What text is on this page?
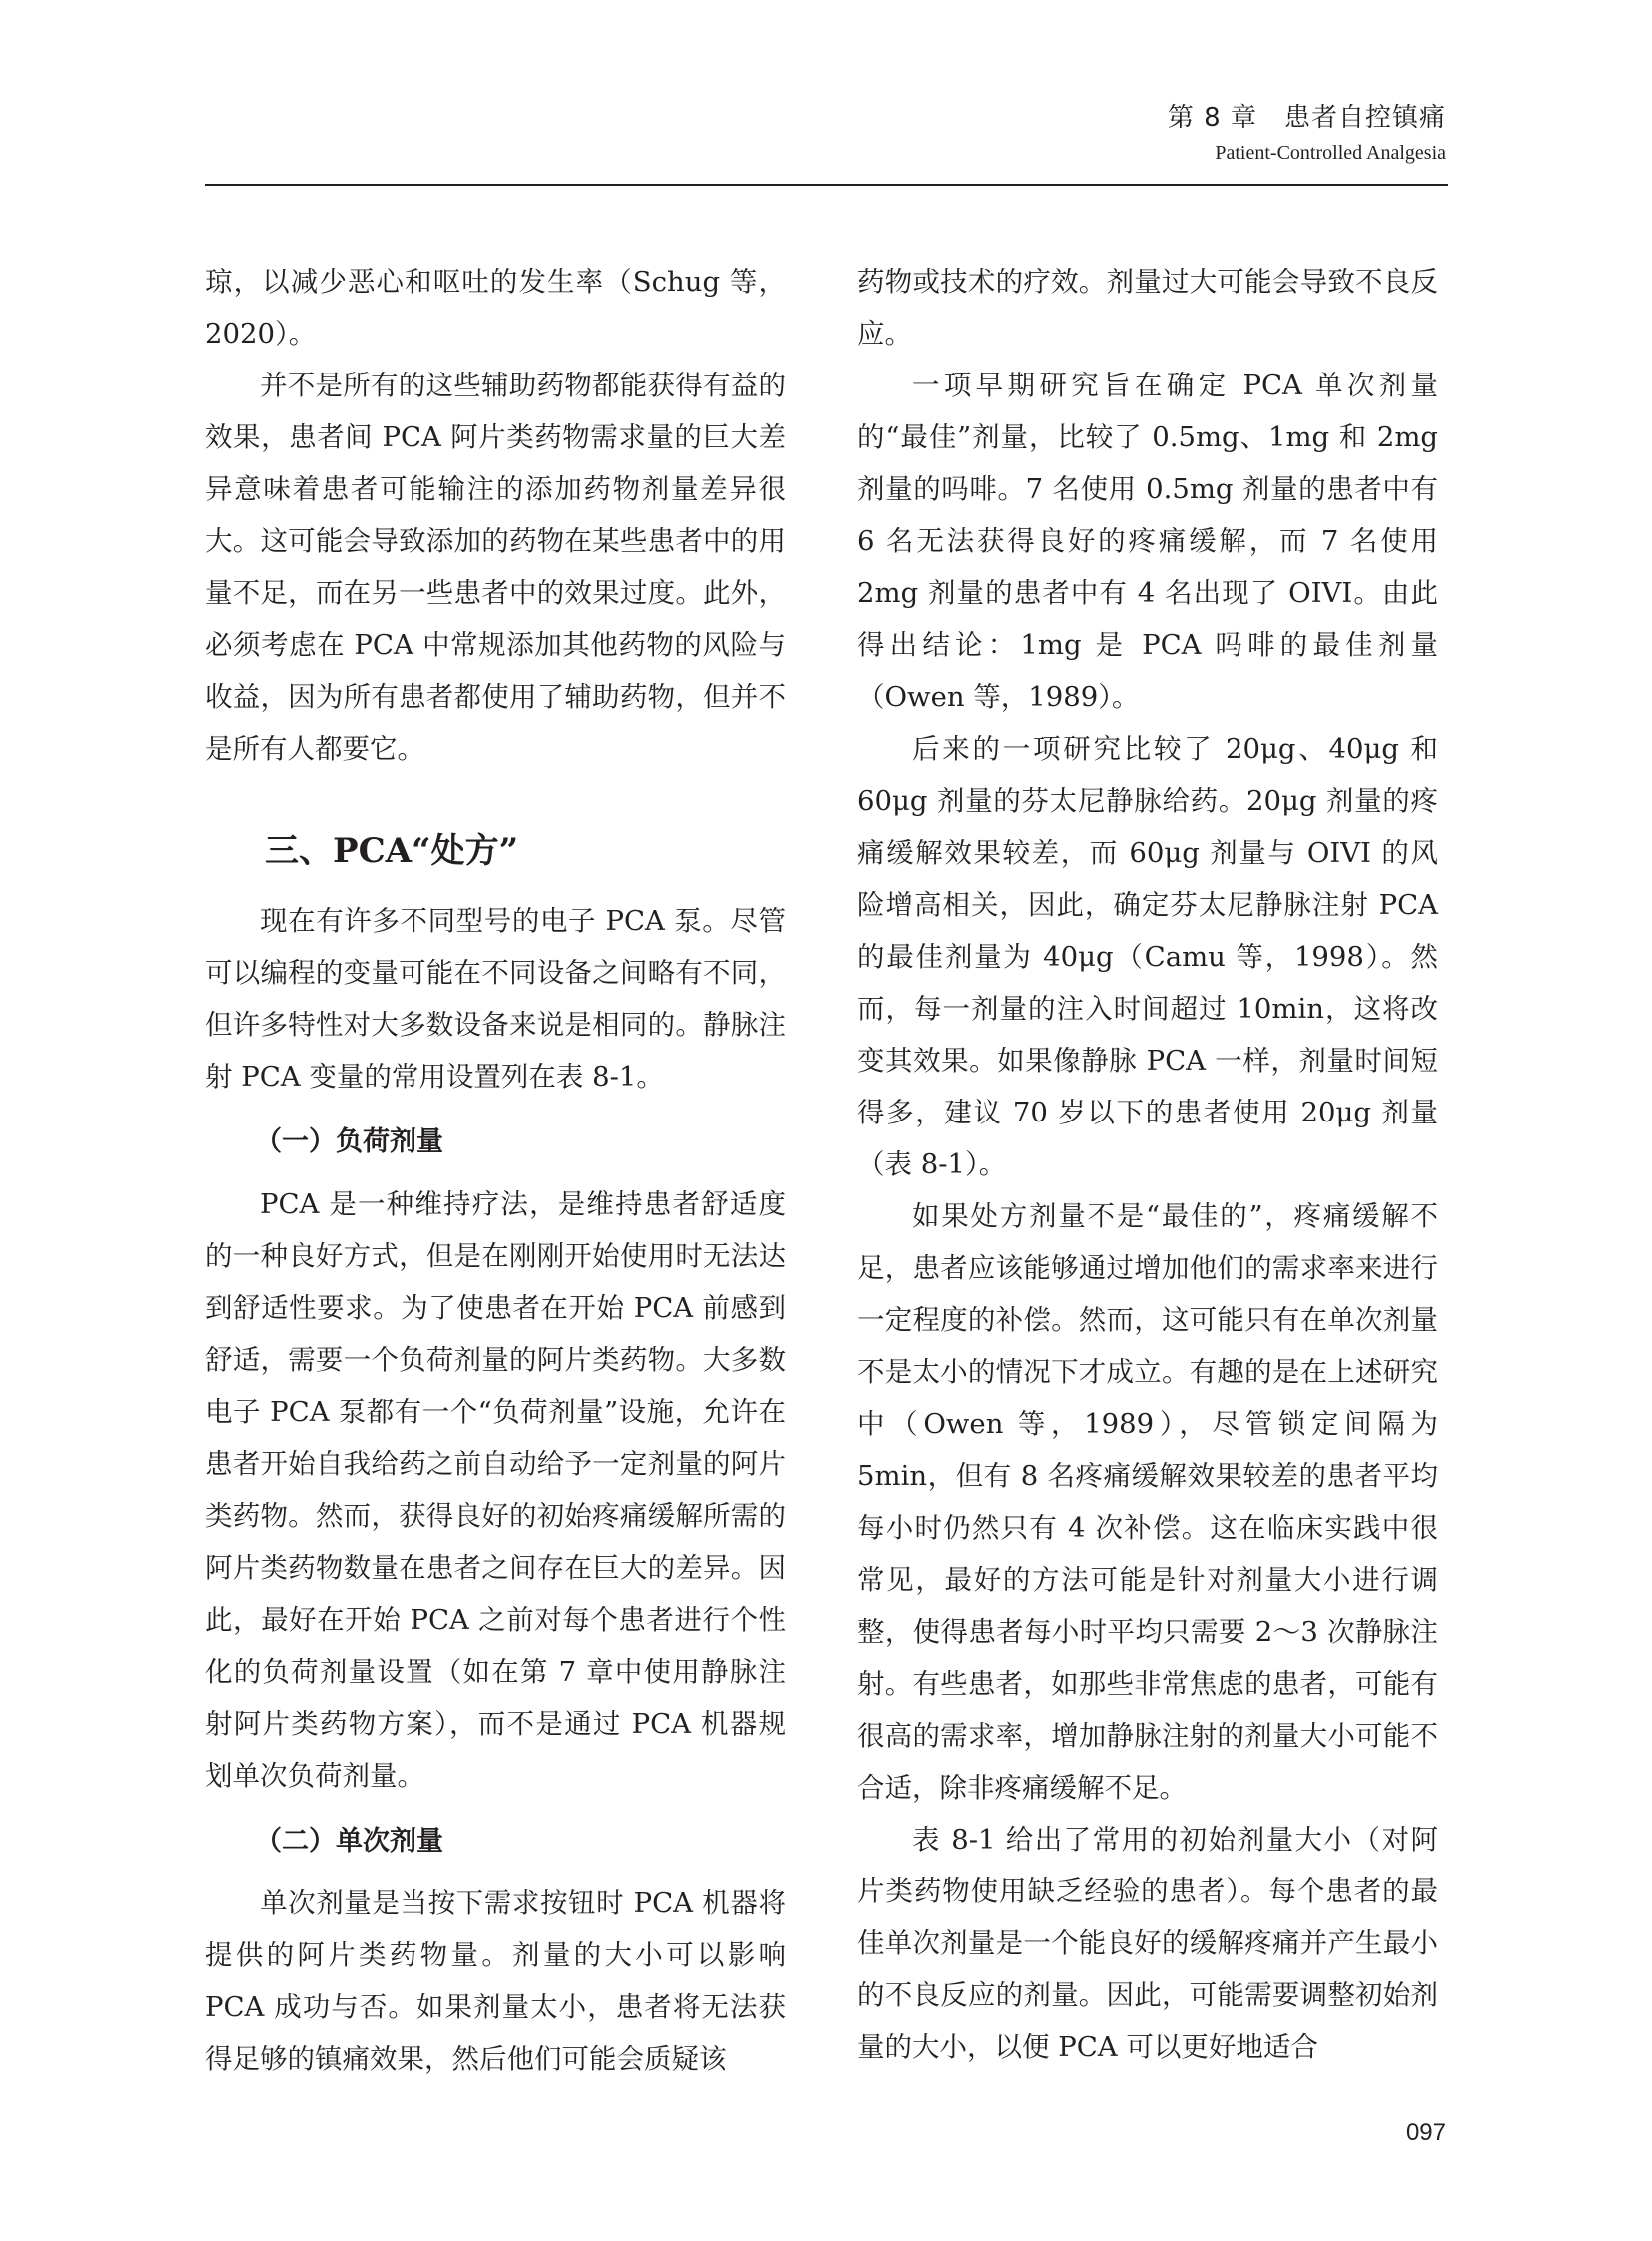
第 8 章　患者自控镇痛
Patient-Controlled Analgesia

琼，以减少恶心和呕吐的发生率（Schug 等，2020）。

并不是所有的这些辅助药物都能获得有益的效果，患者间 PCA 阿片类药物需求量的巨大差异意味着患者可能输注的添加药物剂量差异很大。这可能会导致添加的药物在某些患者中的用量不足，而在另一些患者中的效果过度。此外，必须考虑在 PCA 中常规添加其他药物的风险与收益，因为所有患者都使用了辅助药物，但并不是所有人都要它。

三、PCA“处方”

现在有许多不同型号的电子 PCA 泵。尽管可以编程的变量可能在不同设备之间略有不同，但许多特性对大多数设备来说是相同的。静脉注射 PCA 变量的常用设置列在表 8-1。

（一）负荷剂量

PCA 是一种维持疗法，是维持患者舒适度的一种良好方式，但是在刚刚开始使用时无法达到舒适性要求。为了使患者在开始 PCA 前感到舒适，需要一个负荷剂量的阿片类药物。大多数电子 PCA 泵都有一个“负荷剂量”设施，允许在患者开始自我给药之前自动给予一定剂量的阿片类药物。然而，获得良好的初始疼痛缓解所需的阿片类药物数量在患者之间存在巨大的差异。因此，最好在开始 PCA 之前对每个患者进行个性化的负荷剂量设置（如在第 7 章中使用静脉注射阿片类药物方案），而不是通过 PCA 机器规划单次负荷剂量。

（二）单次剂量

单次剂量是当按下需求按钮时 PCA 机器将提供的阿片类药物量。剂量的大小可以影响 PCA 成功与否。如果剂量太小，患者将无法获得足够的镇痛效果，然后他们可能会质疑该

药物或技术的疗效。剂量过大可能会导致不良反应。

一项早期研究旨在确定 PCA 单次剂量的“最佳”剂量，比较了 0.5mg、1mg 和 2mg 剂量的吗啡。7 名使用 0.5mg 剂量的患者中有 6 名无法获得良好的疼痛缓解，而 7 名使用 2mg 剂量的患者中有 4 名出现了 OIVI。由此得出结论：1mg 是 PCA 吗啡的最佳剂量（Owen 等，1989）。

后来的一项研究比较了 20μg、40μg 和 60μg 剂量的芬太尼静脉给药。20μg 剂量的疼痛缓解效果较差，而 60μg 剂量与 OIVI 的风险增高相关，因此，确定芬太尼静脉注射 PCA 的最佳剂量为 40μg（Camu 等，1998）。然而，每一剂量的注入时间超过 10min，这将改变其效果。如果像静脉 PCA 一样，剂量时间短得多，建议 70 岁以下的患者使用 20μg 剂量（表 8-1）。

如果处方剂量不是“最佳的”，疼痛缓解不足，患者应该能够通过增加他们的需求率来进行一定程度的补偿。然而，这可能只有在单次剂量不是太小的情况下才成立。有趣的是在上述研究中（Owen 等，1989），尽管锁定间隔为 5min，但有 8 名疼痛缓解效果较差的患者平均每小时仍然只有 4 次补偿。这在临床实践中很常见，最好的方法可能是针对剂量大小进行调整，使得患者每小时平均只需要 2～3 次静脉注射。有些患者，如那些非常焦虑的患者，可能有很高的需求率，增加静脉注射的剂量大小可能不合适，除非疼痛缓解不足。

表 8-1 给出了常用的初始剂量大小（对阿片类药物使用缺乏经验的患者）。每个患者的最佳单次剂量是一个能良好的缓解疼痛并产生最小的不良反应的剂量。因此，可能需要调整初始剂量的大小，以便 PCA 可以更好地适合

097
